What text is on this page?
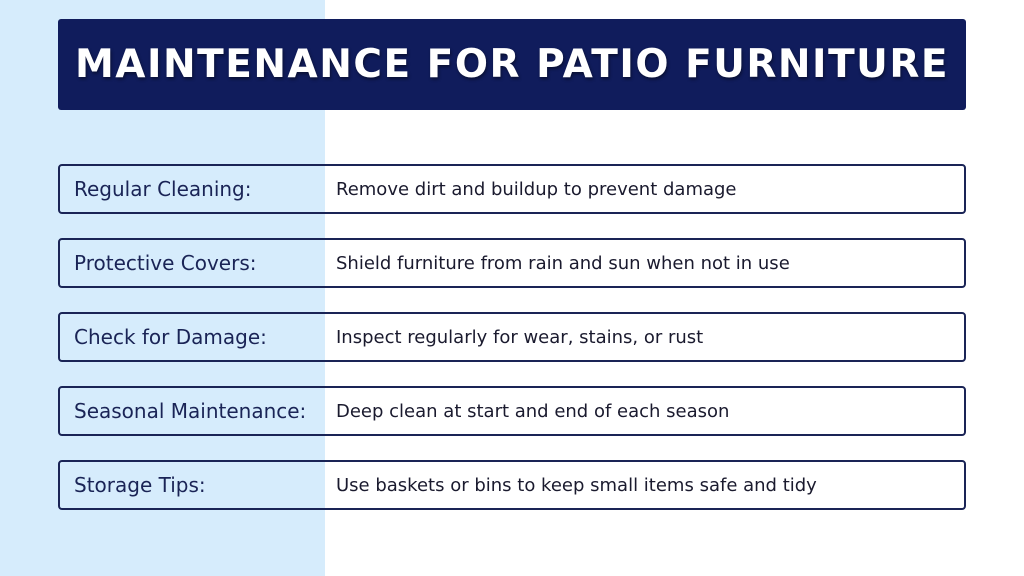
MAINTENANCE FOR PATIO FURNITURE
Regular Cleaning:	Remove dirt and buildup to prevent damage
Protective Covers:	Shield furniture from rain and sun when not in use
Check for Damage:	Inspect regularly for wear, stains, or rust
Seasonal Maintenance: Deep clean at start and end of each season
Storage Tips:	Use baskets or bins to keep small items safe and tidy
